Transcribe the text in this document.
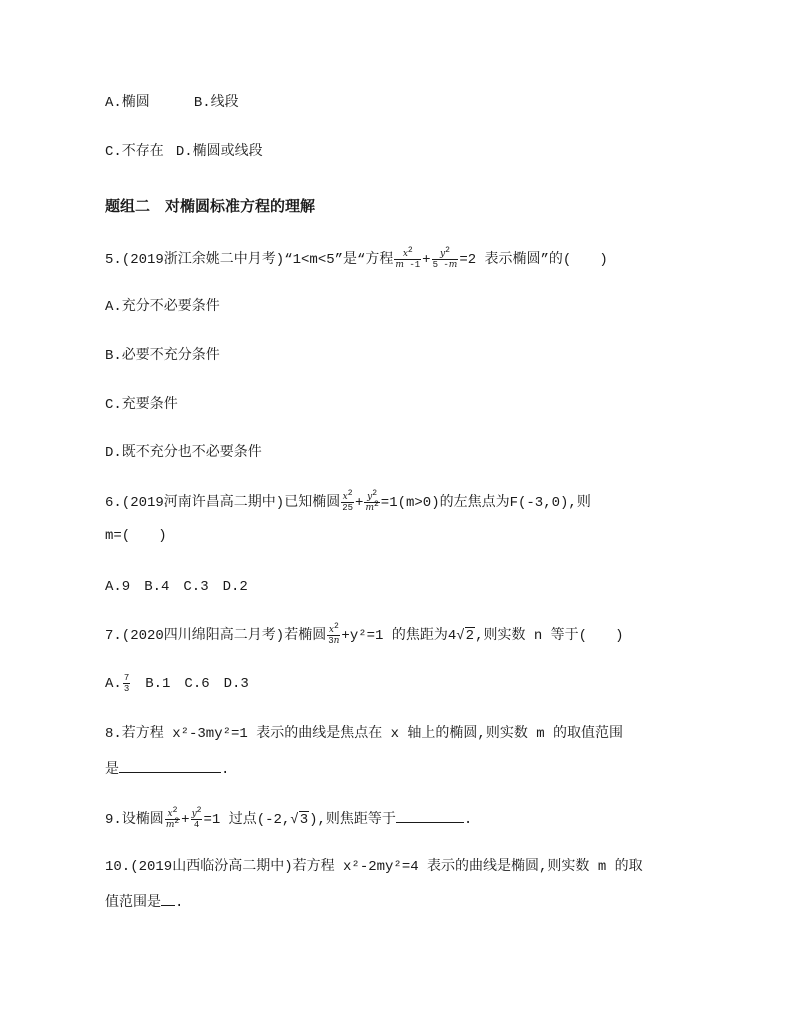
A.椭圆	B.线段
C.不存在 D.椭圆或线段
题组二　对椭圆标准方程的理解
5.(2019浙江余姚二中月考)“1<m<5”是“方程 $\frac{x^2}{m -1} + \frac{y^2}{5 -m} =2$ 表示椭圆”的(　　)
A.充分不必要条件
B.必要不充分条件
C.充要条件
D.既不充分也不必要条件
6.(2019河南许昌高二期中)已知椭圆 $\frac{x^2}{25} + \frac{y^2}{m^2} =1(m>0)$的左焦点为F(-3,0),则
m=(　　)
A.9　B.4　C.3　D.2
7.(2020四川绵阳高二月考)若椭圆 $\frac{x^2}{3n} +y^2=1$ 的焦距为4√2,则实数 n 等于(　　)
A. $\frac{7}{3}$ 　B.1　C.6　D.3
8.若方程 x²-3my²=1 表示的曲线是焦点在 x 轴上的椭圆,则实数 m 的取值范围
是	.
9.设椭圆 $\frac{x^2}{m^2} + \frac{y^2}{4} =1$ 过点(-2,√3),则焦距等于	.
10.(2019山西临汾高二期中)若方程 x²-2my²=4 表示的曲线是椭圆,则实数 m 的取
值范围是 .
